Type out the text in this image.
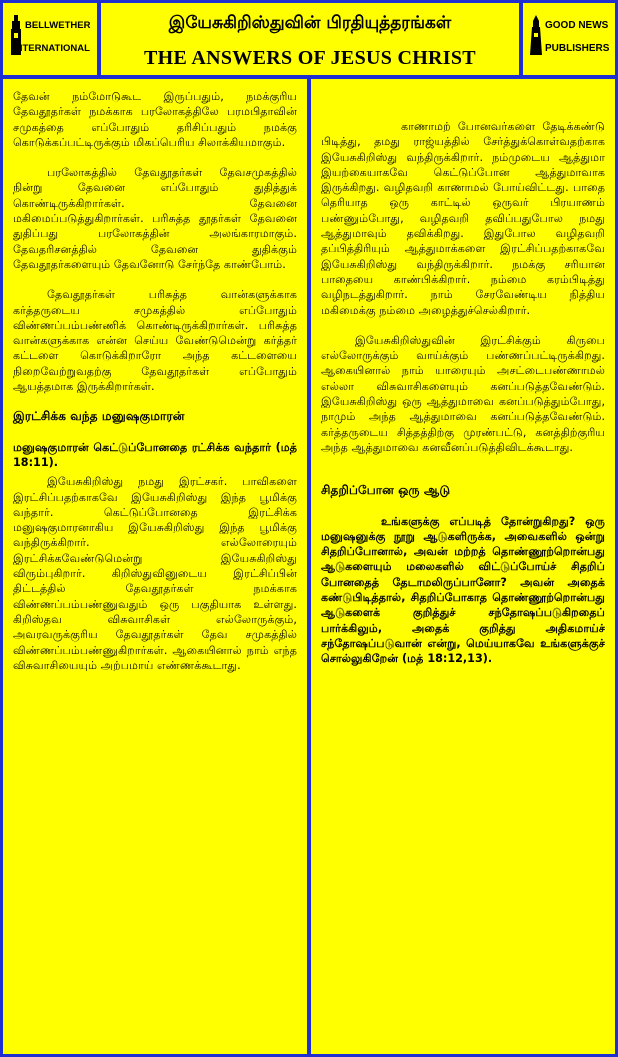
BELLWETHER
INTERNATIONAL
இயேசுகிறிஸ்துவின் பிரதியுத்தரங்கள்
THE ANSWERS OF JESUS CHRIST
GOOD NEWS
PUBLISHERS

தேவன் நம்மோடுகூட இருப்பதும், நமக்குரிய தேவதூதர்கள் நமக்காக பரலோகத்திலே பரமபிதாவின் சமுகத்தை எப்போதும் தரிசிப்பதும் நமக்கு கொடுக்கப்பட்டிருக்கும் மிகப்பெரிய சிலாக்கியமாகும்.

பரலோகத்தில் தேவதூதர்கள் தேவசமுகத்தில் நின்று தேவனை எப்போதும் துதித்துக் கொண்டிருக்கிறார்கள். தேவனை மகிமைப்படுத்துகிறார்கள். பரிசுத்த தூதர்கள் தேவனை துதிப்பது பரலோகத்தின் அலங்காரமாகும். தேவதரிசனத்தில் தேவனை துதிக்கும் தேவதூதர்களையும் தேவனோடு சேர்ந்தே காண்போம்.

தேவதூதர்கள் பரிசுத்த வான்களுக்காக கர்த்தருடைய சமுகத்தில் எப்போதும் விண்ணப்பம்பண்ணிக் கொண்டிருக்கிறார்கள். பரிசுத்த வான்களுக்காக என்ன செய்ய வேண்டுமென்று கர்த்தர் கட்டளை கொடுக்கிறாரோ அந்த கட்டளையை நிறைவேற்றுவதற்கு தேவதூதர்கள் எப்போதும் ஆயத்தமாக இருக்கிறார்கள்.

இரட்சிக்க வந்த மனுஷகுமாரன்

மனுஷகுமாரன் கெட்டுப்போனதை ரட்சிக்க வந்தார் (மத் 18:11).

இயேசுகிறிஸ்து நமது இரட்சகர். பாவிகளை இரட்சிப்பதற்காகவே இயேசுகிறிஸ்து இந்த பூமிக்கு வந்தார். கெட்டுப்போனதை இரட்சிக்க மனுஷகுமாரனாகிய இயேசுகிறிஸ்து இந்த பூமிக்கு வந்திருக்கிறார். எல்லோரையும் இரட்சிக்கவேண்டுமென்று இயேசுகிறிஸ்து விரும்புகிறார். கிறிஸ்துவினுடைய இரட்சிப்பின் திட்டத்தில் தேவதூதர்கள் நமக்காக விண்ணப்பம்பண்ணுவதும் ஒரு பகுதியாக உள்ளது. கிறிஸ்தவ விசுவாசிகள் எல்லோருக்கும், அவரவருக்குரிய தேவதூதர்கள் தேவ சமுகத்தில் விண்ணப்பம்பண்ணுகிறார்கள். ஆகையினால் நாம் எந்த விசுவாசியையும் அற்பமாய் எண்ணக்கூடாது.

காணாமற் போனவர்களை தேடிக்கண்டு பிடித்து, தமது ராஜ்யத்தில் சேர்த்துக்கொள்வதற்காக இயேசுகிறிஸ்து வந்திருக்கிறார். நம்முடைய ஆத்துமா இயற்கையாகவே கெட்டுப்போன ஆத்துமாவாக இருக்கிறது. வழிதவறி காணாமல் போய்விட்டது. பாதை தெரியாத ஒரு காட்டில் ஒருவர் பிரயாணம் பண்ணும்போது, வழிதவறி தவிப்பதுபோல நமது ஆத்துமாவும் தவிக்கிறது. இதுபோல வழிதவறி தப்பித்திரியும் ஆத்துமாக்களை இரட்சிப்பதற்காகவே இயேசுகிறிஸ்து வந்திருக்கிறார். நமக்கு சரியான பாதையை காண்பிக்கிறார். நம்மை கரம்பிடித்து வழிநடத்துகிறார். நாம் சேரவேண்டிய நித்திய மகிமைக்கு நம்மை அழைத்துச்செல்கிறார்.

இயேசுகிறிஸ்துவின் இரட்சிக்கும் கிருபை எல்லோருக்கும் வாய்க்கும் பண்ணப்பட்டிருக்கிறது. ஆகையினால் நாம் யாரையும் அசட்டைபண்ணாமல் எல்லா விசுவாசிகளையும் கனப்படுத்தவேண்டும். இயேசுகிறிஸ்து ஒரு ஆத்துமாவை கனப்படுத்தும்போது, நாமும் அந்த ஆத்துமாவை கனப்படுத்தவேண்டும். கர்த்தருடைய சித்தத்திற்கு முரண்பட்டு, கனத்திற்குரிய அந்த ஆத்துமாவை கனவீனப்படுத்திவிடக்கூடாது.

சிதறிப்போன ஒரு ஆடு

உங்களுக்கு எப்படித் தோன்றுகிறது? ஒரு மனுஷனுக்கு நூறு ஆடுகளிருக்க, அவைகளில் ஒன்று சிதறிப்போனால், அவன் மற்றத் தொண்ணூற்றொன்பது ஆடுகளையும் மலைகளில் விட்டுப்போய்ச் சிதறிப் போனதைத் தேடாமலிருப்பானோ? அவன் அதைக் கண்டுபிடித்தால், சிதறிப்போகாத தொண்ணூற்றொன்பது ஆடுகளைக் குறித்துச் சந்தோஷப்படுகிறதைப் பார்க்கிலும், அதைக் குறித்து அதிகமாய்ச் சந்தோஷப்படுவான் என்று, மெய்யாகவே உங்களுக்குச் சொல்லுகிறேன் (மத் 18:12,13).
